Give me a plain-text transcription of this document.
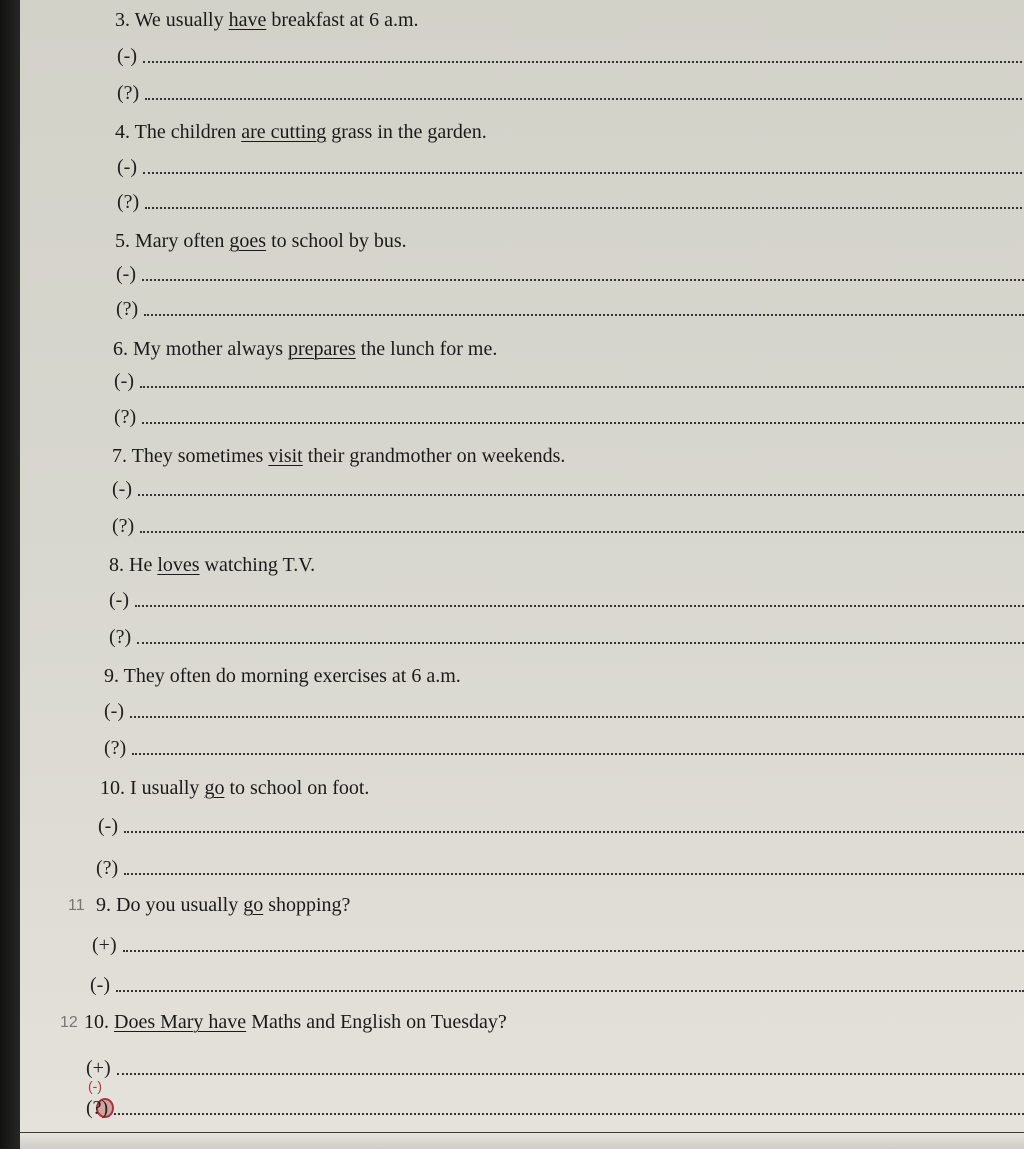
3. We usually have breakfast at 6 a.m.
(-)
(?)
4. The children are cutting grass in the garden.
(-)
(?)
5. Mary often goes to school by bus.
(-)
(?)
6. My mother always prepares the lunch for me.
(-)
(?)
7. They sometimes visit their grandmother on weekends.
(-)
(?)
8. He loves watching T.V.
(-)
(?)
9. They often do morning exercises at 6 a.m.
(-)
(?)
10. I usually go to school on foot.
(-)
(?)
11 9. Do you usually go shopping?
(+)
(-)
12 10. Does Mary have Maths and English on Tuesday?
(+)
(-)
(?)
